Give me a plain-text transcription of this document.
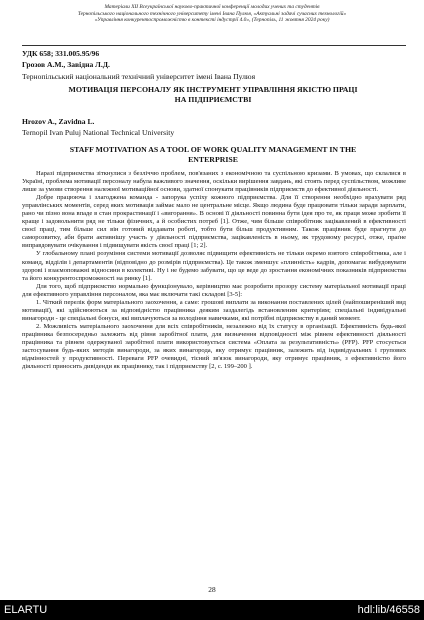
Матеріали ХІІ Всеукраїнської науково-практичної конференції молодих учених та студентів
Тернопільського національного технічного університету імені Івана Пулюя, «Актуальні задачі сучасних технологій»
«Управління конкурентоспроможністю в контексті індустрії 4.0», (Тернопіль, 11 жовтня 2024 року)
УДК 658; 331.005.95/96
Грозов А.М., Завідна Л.Д.
Тернопільський національний технічний університет імені Івана Пулюя
МОТИВАЦІЯ ПЕРСОНАЛУ ЯК ІНСТРУМЕНТ УПРАВЛІННЯ ЯКІСТЮ ПРАЦІ
НА ПІДПРИЄМСТВІ
Hrozov A., Zavidna L.
Ternopil Ivan Puluj National Technical University
STAFF MOTIVATION AS A TOOL OF WORK QUALITY MANAGEMENT IN THE
ENTERPRISE

Наразі підприємства зіткнулися з безліччю проблем, пов'язаних з економічною та суспільною кризами. В умовах, що склалися в Україні, проблема мотивації персоналу набула важливого значення, оскільки вирішення завдань, які стоять перед суспільством, можливе лише за умови створення належної мотиваційної основи, здатної спонукати працівників підприємств до ефективної діяльності.

Добре працююча і злагоджена команда - запорука успіху кожного підприємства. Для її створення необхідно врахувати ряд управлінських моментів, серед яких мотивація займає мало не центральне місце. Якщо людина буде працювати тільки заради зарплати, рано чи пізно вона впаде в стан прокрастинації і «вигорання». В основі її діяльності повинна бути ідея про те, як праця може зробити її краще і задовольнити ряд не тільки фізичних, а й особистих потреб [1]. Отже, чим більше співробітник зацікавлений в ефективності своєї праці, тим більше сил він готовий віддавати роботі, тобто бути більш продуктивним. Також працівник буде прагнути до саморозвитку, аби брати активнішу участь у діяльності підприємства, зацікавленість в ньому, як трудовому ресурсі, отже, праґне виправдовувати очікування і підвищувати якість своєї праці [1; 2].

У глобальному плані розуміння системи мотивації дозволяє підвищити ефективність не тільки окремо взятого співробітника, але і команд, відділів і департаментів (відповідно до розмірів підприємства). Це також зменшує «плинність» кадрів, допомагає вибудовувати здорові і взаємоповажні відносини в колективі. Ну і не будемо забувати, що це веде до зростання економічних показників підприємства та його конкурентоспроможності на ринку [1].

Для того, щоб підприємство нормально функціонувало, керівництво має розробити прозору систему матеріальної мотивації праці для ефективного управління персоналом, яка має включати такі складові [3-5]:

1. Чіткий перелік форм матеріального заохочення, а саме: грошові виплати за виконання поставлених цілей (найпоширеніший вид мотивації), які здійснюються за відповідністю працівника деяким заздалегідь встановленим критеріям; спеціальні індивідуальні винагороди - це спеціальні бонуси, які виплачуються за володіння навичками, які потрібні підприємству в даний момент.

2. Можливість матеріального заохочення для всіх співробітників, незалежно від їх статусу в організації. Ефективність будь-якої працівника безпосередньо залежить від рівня заробітної плати, для визначення відповідності між рівнем ефективності діяльності працівника та рівнем одержуваної заробітної плати використовується система «Оплата за результативність» (PFP). PFP стосується застосування будь-яких методів винагороди, за яких винагорода, яку отримує працівник, залежить від індивідуальних і групових відмінностей у продуктивності. Переваги PFP очевидні, тісний зв'язок винагороди, яку отримує працівник, з ефективністю його діяльності приносить дивіденди як працівнику, так і підприємству [2, с. 199–200 ].

28
ELARTU	hdl:lib/46558
